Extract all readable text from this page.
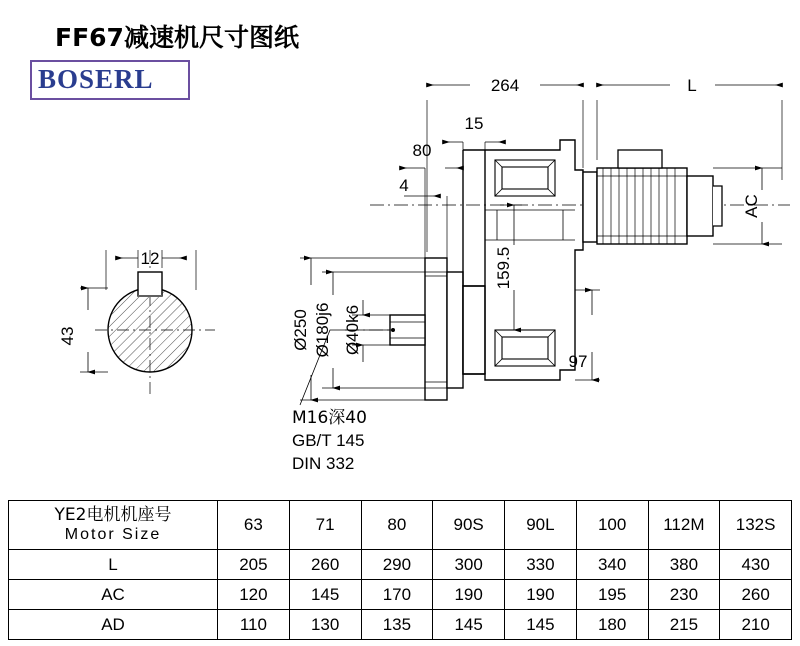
FF67减速机尺寸图纸
BOSERL
12
264	L
15
80
4
97
43
AC
159.5
Ø250 Ø180j6 Ø40k6
M16深40
GB/T 145
DIN 332
YE2电机机座号
Motor Size	63	71	80	90S	90L	100	112M	132S
L	205	260	290	300	330	340	380	430
AC	120	145	170	190	190	195	230	260
AD	110	130	135	145	145	180	215	210
